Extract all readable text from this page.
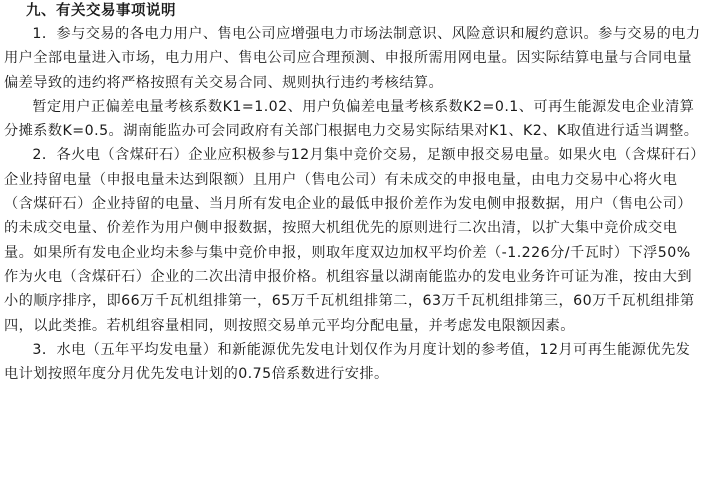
九、有关交易事项说明

1．参与交易的各电力用户、售电公司应增强电力市场法制意识、风险意识和履约意识。参与交易的电力用户全部电量进入市场，电力用户、售电公司应合理预测、申报所需用网电量。因实际结算电量与合同电量偏差导致的违约将严格按照有关交易合同、规则执行违约考核结算。

暂定用户正偏差电量考核系数K1=1.02、用户负偏差电量考核系数K2=0.1、可再生能源发电企业清算分摊系数K=0.5。湖南能监办可会同政府有关部门根据电力交易实际结果对K1、K2、K取值进行适当调整。

2．各火电（含煤矸石）企业应积极参与12月集中竞价交易，足额申报交易电量。如果火电（含煤矸石）企业持留电量（申报电量未达到限额）且用户（售电公司）有未成交的申报电量，由电力交易中心将火电（含煤矸石）企业持留的电量、当月所有发电企业的最低申报价差作为发电侧申报数据，用户（售电公司）的未成交电量、价差作为用户侧申报数据，按照大机组优先的原则进行二次出清，以扩大集中竞价成交电量。如果所有发电企业均未参与集中竞价申报，则取年度双边加权平均价差（-1.226分/千瓦时）下浮50%作为火电（含煤矸石）企业的二次出清申报价格。机组容量以湖南能监办的发电业务许可证为准，按由大到小的顺序排序，即66万千瓦机组排第一，65万千瓦机组排第二，63万千瓦机组排第三，60万千瓦机组排第四，以此类推。若机组容量相同，则按照交易单元平均分配电量，并考虑发电限额因素。

3．水电（五年平均发电量）和新能源优先发电计划仅作为月度计划的参考值，12月可再生能源优先发电计划按照年度分月优先发电计划的0.75倍系数进行安排。
